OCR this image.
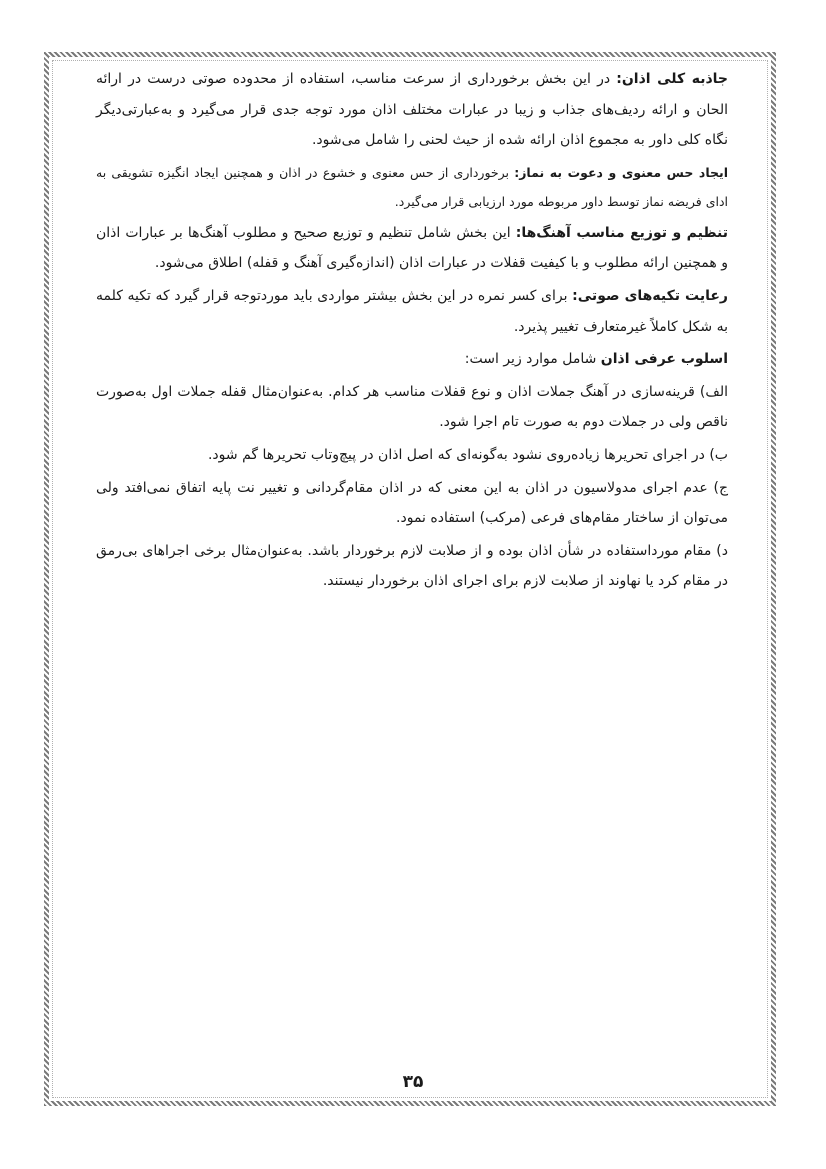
جاذبه کلی اذان: در این بخش برخورداری از سرعت مناسب، استفاده از محدوده صوتی درست در ارائه الحان و ارائه ردیف‌های جذاب و زیبا در عبارات مختلف اذان مورد توجه جدی قرار می‌گیرد و به‌عبارتی‌دیگر نگاه کلی داور به مجموع اذان ارائه شده از حیث لحنی را شامل می‌شود.

ایجاد حس معنوی و دعوت به نماز: برخورداری از حس معنوی و خشوع در اذان و همچنین ایجاد انگیزه تشویقی به ادای فریضه نماز توسط داور مربوطه مورد ارزیابی قرار می‌گیرد.

تنظیم و توزیع مناسب آهنگ‌ها: این بخش شامل تنظیم و توزیع صحیح و مطلوب آهنگ‌ها بر عبارات اذان و همچنین ارائه مطلوب و با کیفیت قفلات در عبارات اذان (اندازه‌گیری آهنگ و قفله) اطلاق می‌شود.

رعایت تکیه‌های صوتی: برای کسر نمره در این بخش بیشتر مواردی باید موردتوجه قرار گیرد که تکیه کلمه به شکل کاملاً غیرمتعارف تغییر پذیرد.

اسلوب عرفی اذان شامل موارد زیر است:

الف) قرینه‌سازی در آهنگ جملات اذان و نوع قفلات مناسب هر کدام. به‌عنوان‌مثال قفله جملات اول به‌صورت ناقص ولی در جملات دوم به صورت تام اجرا شود.

ب) در اجرای تحریرها زیاده‌روی نشود به‌گونه‌ای که اصل اذان در پیچ‌وتاب تحریرها گم شود.

ج) عدم اجرای مدولاسیون در اذان به این معنی که در اذان مقام‌گردانی و تغییر نت پایه اتفاق نمی‌افتد ولی می‌توان از ساختار مقام‌های فرعی (مرکب) استفاده نمود.

د) مقام مورداستفاده در شأن اذان بوده و از صلابت لازم برخوردار باشد. به‌عنوان‌مثال برخی اجراهای بی‌رمق در مقام کرد یا نهاوند از صلابت لازم برای اجرای اذان برخوردار نیستند.

۳۵
